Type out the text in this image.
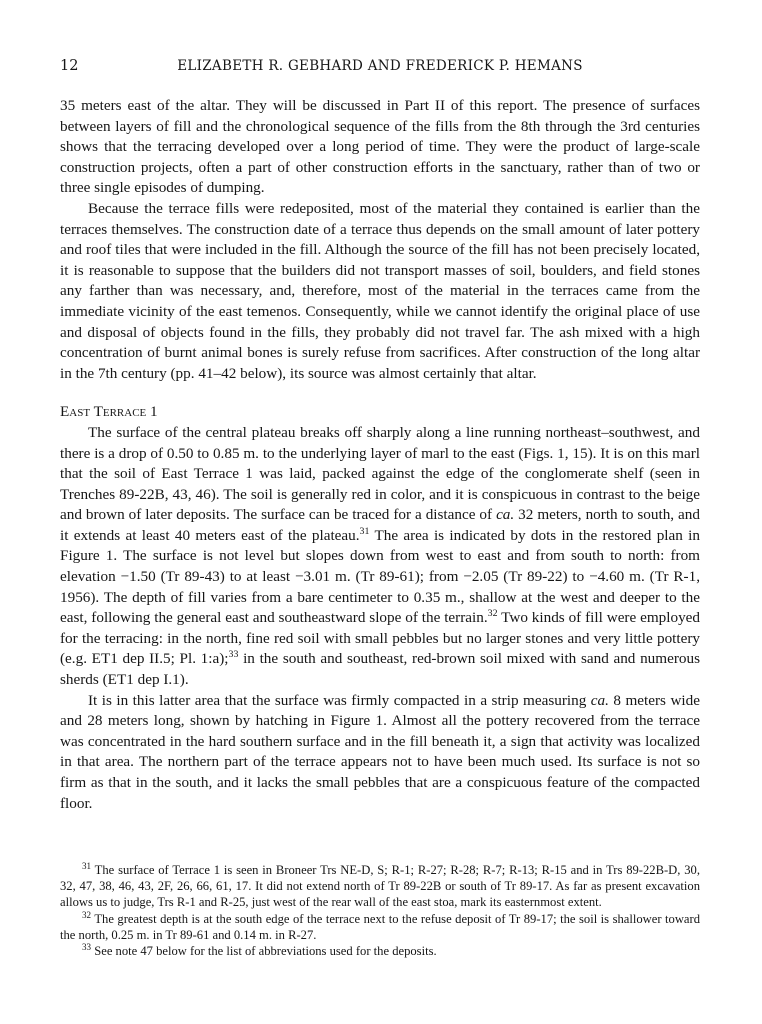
12	ELIZABETH R. GEBHARD AND FREDERICK P. HEMANS

35 meters east of the altar. They will be discussed in Part II of this report. The presence of surfaces between layers of fill and the chronological sequence of the fills from the 8th through the 3rd centuries shows that the terracing developed over a long period of time. They were the product of large-scale construction projects, often a part of other construction efforts in the sanctuary, rather than of two or three single episodes of dumping.

Because the terrace fills were redeposited, most of the material they contained is earlier than the terraces themselves. The construction date of a terrace thus depends on the small amount of later pottery and roof tiles that were included in the fill. Although the source of the fill has not been precisely located, it is reasonable to suppose that the builders did not transport masses of soil, boulders, and field stones any farther than was necessary, and, therefore, most of the material in the terraces came from the immediate vicinity of the east temenos. Consequently, while we cannot identify the original place of use and disposal of objects found in the fills, they probably did not travel far. The ash mixed with a high concentration of burnt animal bones is surely refuse from sacrifices. After construction of the long altar in the 7th century (pp. 41–42 below), its source was almost certainly that altar.

East Terrace 1

The surface of the central plateau breaks off sharply along a line running northeast–southwest, and there is a drop of 0.50 to 0.85 m. to the underlying layer of marl to the east (Figs. 1, 15). It is on this marl that the soil of East Terrace 1 was laid, packed against the edge of the conglomerate shelf (seen in Trenches 89-22B, 43, 46). The soil is generally red in color, and it is conspicuous in contrast to the beige and brown of later deposits. The surface can be traced for a distance of ca. 32 meters, north to south, and it extends at least 40 meters east of the plateau.$^{31}$ The area is indicated by dots in the restored plan in Figure 1. The surface is not level but slopes down from west to east and from south to north: from elevation −1.50 (Tr 89-43) to at least −3.01 m. (Tr 89-61); from −2.05 (Tr 89-22) to −4.60 m. (Tr R-1, 1956). The depth of fill varies from a bare centimeter to 0.35 m., shallow at the west and deeper to the east, following the general east and southeastward slope of the terrain.$^{32}$ Two kinds of fill were employed for the terracing: in the north, fine red soil with small pebbles but no larger stones and very little pottery (e.g. ET1 dep II.5; Pl. 1:a);$^{33}$ in the south and southeast, red-brown soil mixed with sand and numerous sherds (ET1 dep I.1).

It is in this latter area that the surface was firmly compacted in a strip measuring ca. 8 meters wide and 28 meters long, shown by hatching in Figure 1. Almost all the pottery recovered from the terrace was concentrated in the hard southern surface and in the fill beneath it, a sign that activity was localized in that area. The northern part of the terrace appears not to have been much used. Its surface is not so firm as that in the south, and it lacks the small pebbles that are a conspicuous feature of the compacted floor.

$^{31}$ The surface of Terrace 1 is seen in Broneer Trs NE-D, S; R-1; R-27; R-28; R-7; R-13; R-15 and in Trs 89-22B-D, 30, 32, 47, 38, 46, 43, 2F, 26, 66, 61, 17. It did not extend north of Tr 89-22B or south of Tr 89-17. As far as present excavation allows us to judge, Trs R-1 and R-25, just west of the rear wall of the east stoa, mark its easternmost extent.

$^{32}$ The greatest depth is at the south edge of the terrace next to the refuse deposit of Tr 89-17; the soil is shallower toward the north, 0.25 m. in Tr 89-61 and 0.14 m. in R-27.

$^{33}$ See note 47 below for the list of abbreviations used for the deposits.
